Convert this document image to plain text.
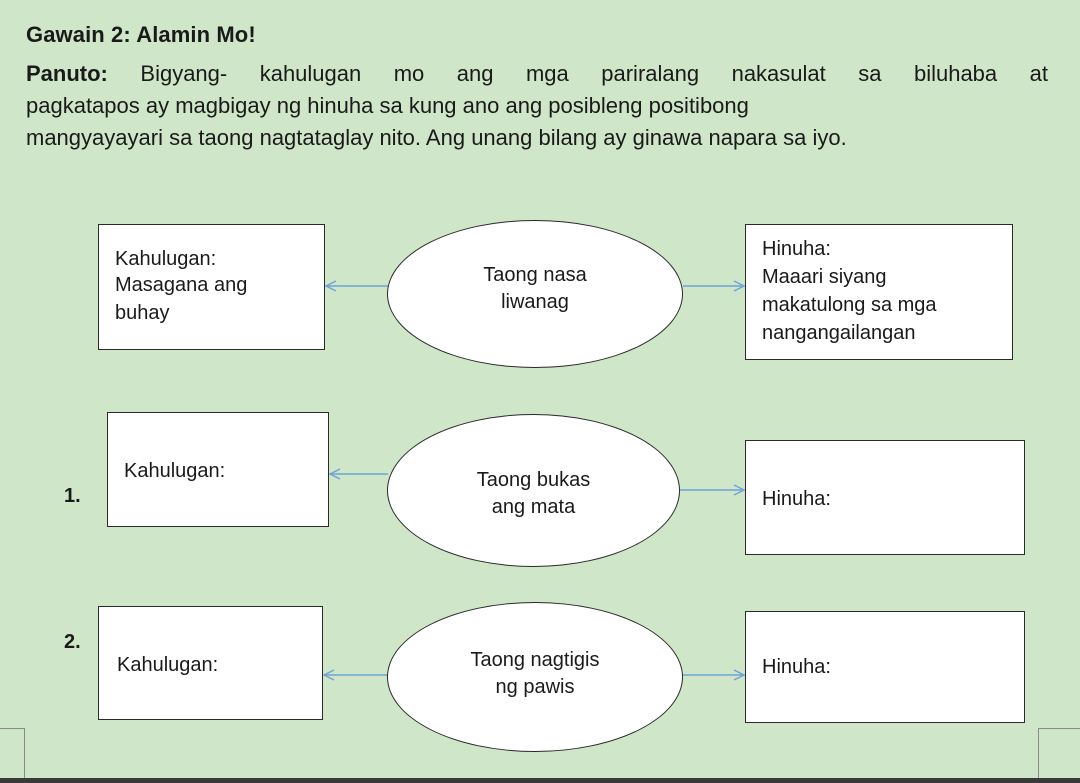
Gawain 2: Alamin Mo!
Panuto: Bigyang- kahulugan mo ang mga pariralang nakasulat sa biluhaba at
pagkatapos ay magbigay ng hinuha sa kung ano ang posibleng positibong
mangyayayari sa taong nagtataglay nito. Ang unang bilang ay ginawa napara sa iyo.
Kahulugan:
Masagana ang buhay
Taong nasa
liwanag
Hinuha:
Maaari siyang makatulong sa mga nangangailangan
1.
Kahulugan:	Taong bukas
ang mata	Hinuha:
2.
Kahulugan:	Taong nagtigis
ng pawis
Hinuha:
